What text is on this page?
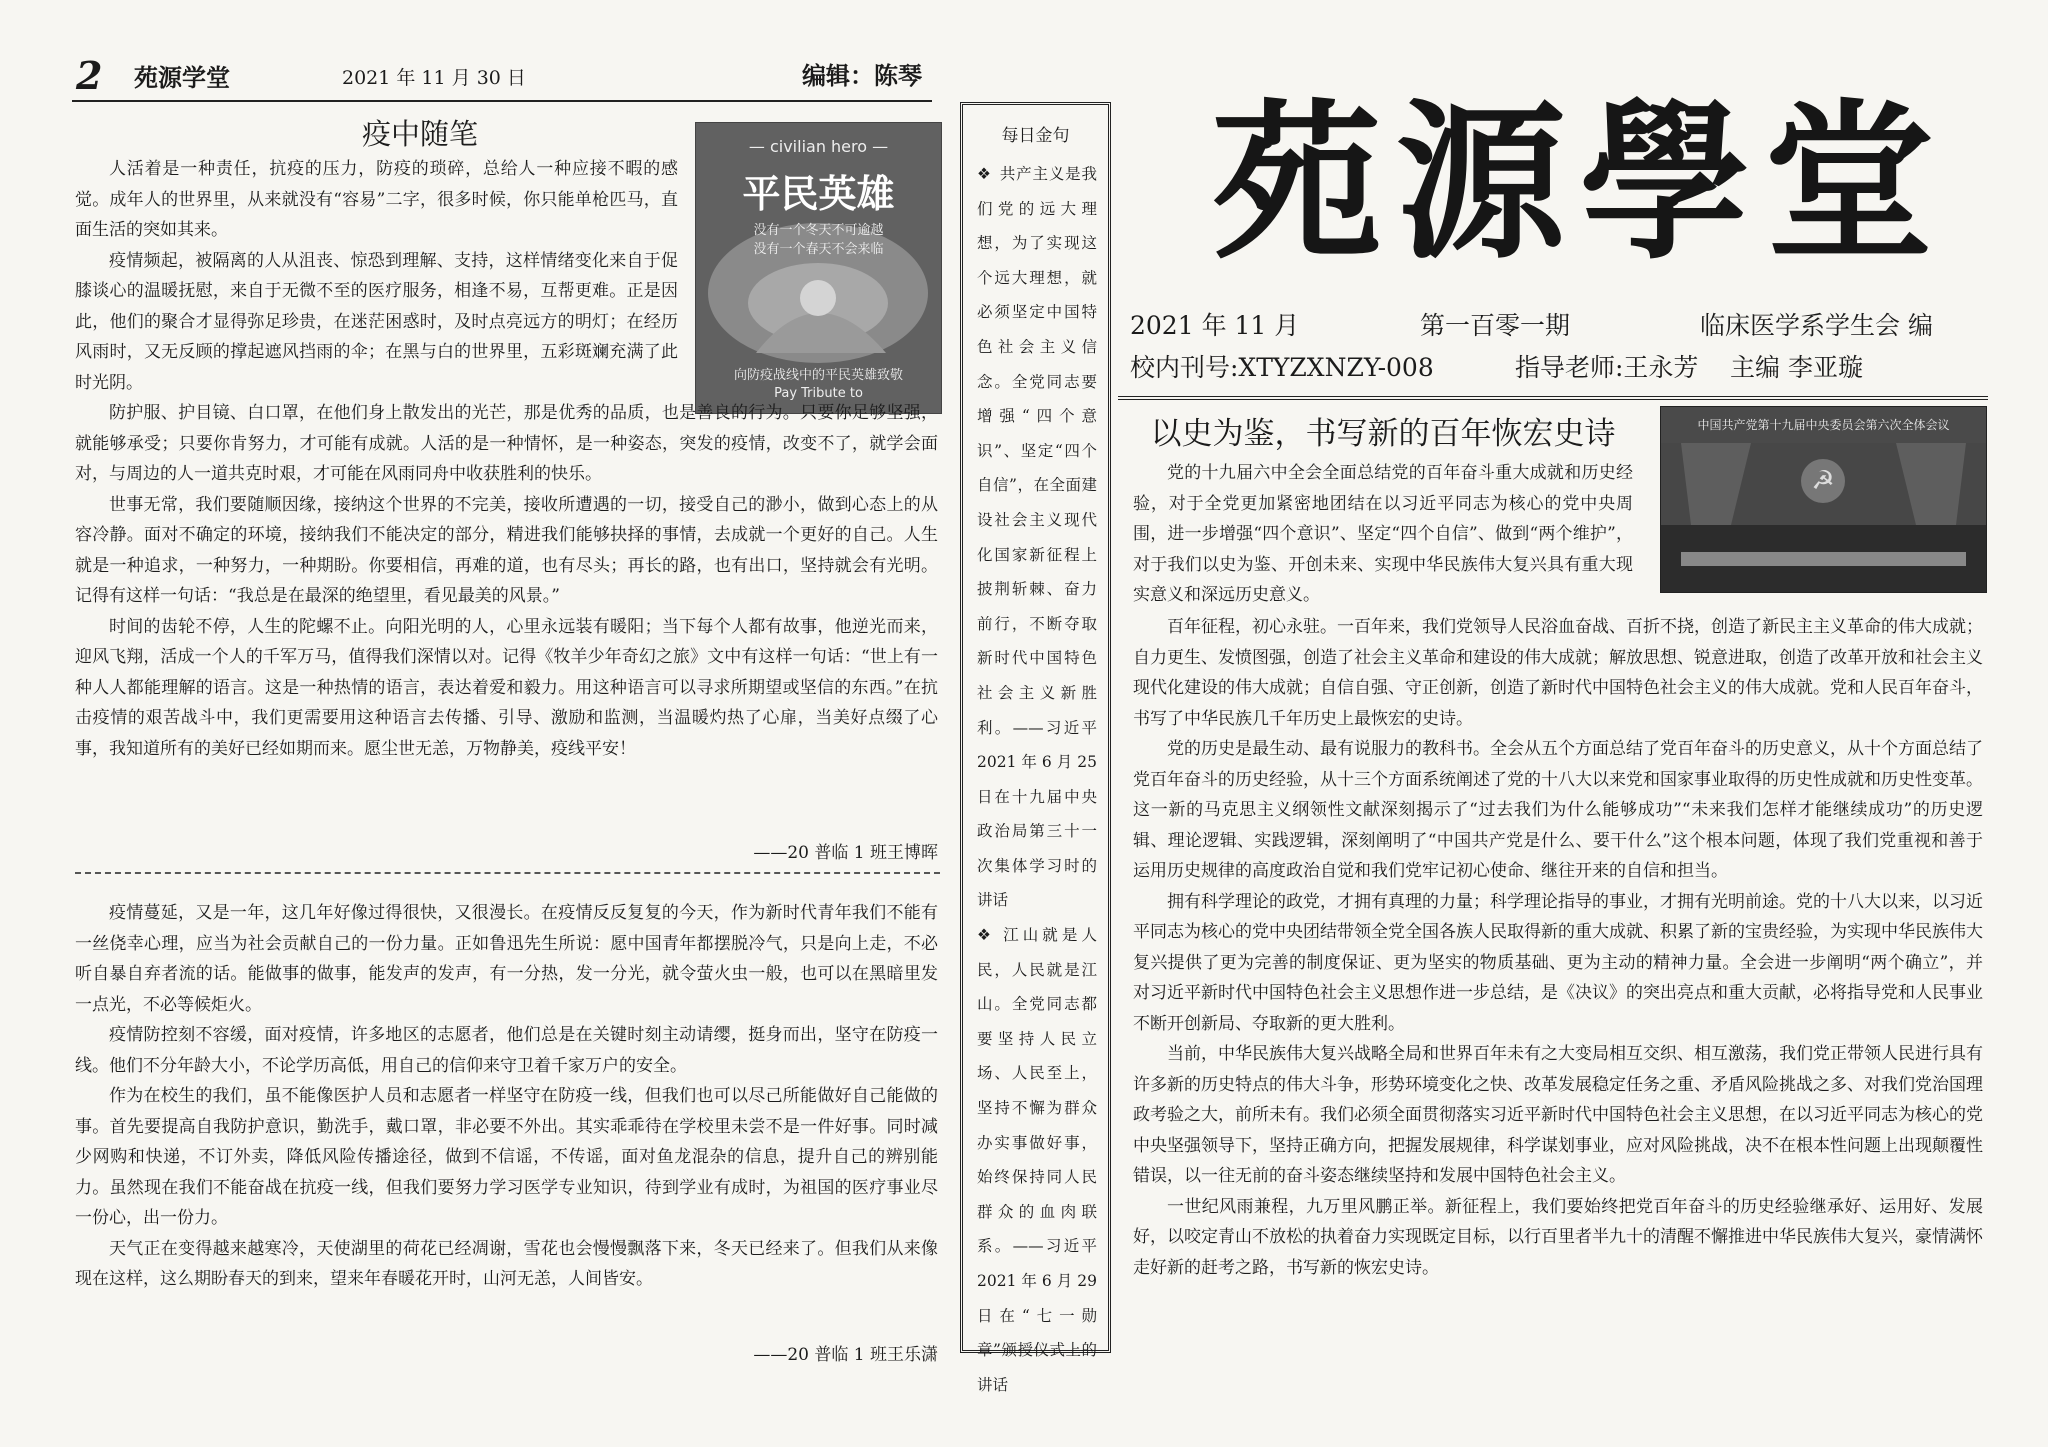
2 苑源学堂	2021 年 11 月 30 日	编辑：陈琴
疫中随笔	— civilian hero —
平民英雄
没有一个冬天不可逾越
没有一个春天不会来临
向防疫战线中的平民英雄致敬
Pay Tribute to

人活着是一种责任，抗疫的压力，防疫的琐碎，总给人一种应接不暇的感觉。成年人的世界里，从来就没有“容易”二字，很多时候，你只能单枪匹马，直面生活的突如其来。

疫情频起，被隔离的人从沮丧、惊恐到理解、支持，这样情绪变化来自于促膝谈心的温暖抚慰，来自于无微不至的医疗服务，相逢不易，互帮更难。正是因此，他们的聚合才显得弥足珍贵，在迷茫困惑时，及时点亮远方的明灯；在经历风雨时，又无反顾的撑起遮风挡雨的伞；在黑与白的世界里，五彩斑斓充满了此时光阴。

防护服、护目镜、白口罩，在他们身上散发出的光芒，那是优秀的品质，也是善良的行为。只要你足够坚强，就能够承受；只要你肯努力，才可能有成就。人活的是一种情怀，是一种姿态，突发的疫情，改变不了，就学会面对，与周边的人一道共克时艰，才可能在风雨同舟中收获胜利的快乐。

世事无常，我们要随顺因缘，接纳这个世界的不完美，接收所遭遇的一切，接受自己的渺小，做到心态上的从容冷静。面对不确定的环境，接纳我们不能决定的部分，精进我们能够抉择的事情，去成就一个更好的自己。人生就是一种追求，一种努力，一种期盼。你要相信，再难的道，也有尽头；再长的路，也有出口，坚持就会有光明。记得有这样一句话：“我总是在最深的绝望里，看见最美的风景。”

时间的齿轮不停，人生的陀螺不止。向阳光明的人，心里永远装有暖阳；当下每个人都有故事，他逆光而来，迎风飞翔，活成一个人的千军万马，值得我们深情以对。记得《牧羊少年奇幻之旅》文中有这样一句话：“世上有一种人人都能理解的语言。这是一种热情的语言，表达着爱和毅力。用这种语言可以寻求所期望或坚信的东西。”在抗击疫情的艰苦战斗中，我们更需要用这种语言去传播、引导、激励和监测，当温暖灼热了心扉，当美好点缀了心事，我知道所有的美好已经如期而来。愿尘世无恙，万物静美，疫线平安！

——20 普临 1 班王博晖

疫情蔓延，又是一年，这几年好像过得很快，又很漫长。在疫情反反复复的今天，作为新时代青年我们不能有一丝侥幸心理，应当为社会贡献自己的一份力量。正如鲁迅先生所说：愿中国青年都摆脱冷气，只是向上走，不必听自暴自弃者流的话。能做事的做事，能发声的发声，有一分热，发一分光，就令萤火虫一般，也可以在黑暗里发一点光，不必等候炬火。

疫情防控刻不容缓，面对疫情，许多地区的志愿者，他们总是在关键时刻主动请缨，挺身而出，坚守在防疫一线。他们不分年龄大小，不论学历高低，用自己的信仰来守卫着千家万户的安全。

作为在校生的我们，虽不能像医护人员和志愿者一样坚守在防疫一线，但我们也可以尽己所能做好自己能做的事。首先要提高自我防护意识，勤洗手，戴口罩，非必要不外出。其实乖乖待在学校里未尝不是一件好事。同时减少网购和快递，不订外卖，降低风险传播途径，做到不信谣，不传谣，面对鱼龙混杂的信息，提升自己的辨别能力。虽然现在我们不能奋战在抗疫一线，但我们要努力学习医学专业知识，待到学业有成时，为祖国的医疗事业尽一份心，出一份力。

天气正在变得越来越寒冷，天使湖里的荷花已经凋谢，雪花也会慢慢飘落下来，冬天已经来了。但我们从来像现在这样，这么期盼春天的到来，望来年春暖花开时，山河无恙，人间皆安。

——20 普临 1 班王乐潇
每日金句
❖ 共产主义是我们党的远大理想，为了实现这个远大理想，就必须坚定中国特色社会主义信念。全党同志要增强“四个意识”、坚定“四个自信”，在全面建设社会主义现代化国家新征程上披荆斩棘、奋力前行，不断夺取新时代中国特色社会主义新胜利。——习近平 2021 年 6 月 25 日在十九届中央政治局第三十一次集体学习时的讲话
❖ 江山就是人民，人民就是江山。全党同志都要坚持人民立场、人民至上，坚持不懈为群众办实事做好事，始终保持同人民群众的血肉联系。——习近平 2021 年 6 月 29 日在“七一勋章”颁授仪式上的讲话
苑源學堂
2021 年 11 月	第一百零一期	临床医学系学生会 编
校内刊号:XTYZXNZY-008	指导老师:王永芳 主编 李亚璇
以史为鉴，书写新的百年恢宏史诗	中国共产党第十九届中央委员会第六次全体会议
☭

党的十九届六中全会全面总结党的百年奋斗重大成就和历史经验，对于全党更加紧密地团结在以习近平同志为核心的党中央周围，进一步增强“四个意识”、坚定“四个自信”、做到“两个维护”，对于我们以史为鉴、开创未来、实现中华民族伟大复兴具有重大现实意义和深远历史意义。

百年征程，初心永驻。一百年来，我们党领导人民浴血奋战、百折不挠，创造了新民主主义革命的伟大成就；自力更生、发愤图强，创造了社会主义革命和建设的伟大成就；解放思想、锐意进取，创造了改革开放和社会主义现代化建设的伟大成就；自信自强、守正创新，创造了新时代中国特色社会主义的伟大成就。党和人民百年奋斗，书写了中华民族几千年历史上最恢宏的史诗。

党的历史是最生动、最有说服力的教科书。全会从五个方面总结了党百年奋斗的历史意义，从十个方面总结了党百年奋斗的历史经验，从十三个方面系统阐述了党的十八大以来党和国家事业取得的历史性成就和历史性变革。这一新的马克思主义纲领性文献深刻揭示了“过去我们为什么能够成功”“未来我们怎样才能继续成功”的历史逻辑、理论逻辑、实践逻辑，深刻阐明了“中国共产党是什么、要干什么”这个根本问题，体现了我们党重视和善于运用历史规律的高度政治自觉和我们党牢记初心使命、继往开来的自信和担当。

拥有科学理论的政党，才拥有真理的力量；科学理论指导的事业，才拥有光明前途。党的十八大以来，以习近平同志为核心的党中央团结带领全党全国各族人民取得新的重大成就、积累了新的宝贵经验，为实现中华民族伟大复兴提供了更为完善的制度保证、更为坚实的物质基础、更为主动的精神力量。全会进一步阐明“两个确立”，并对习近平新时代中国特色社会主义思想作进一步总结，是《决议》的突出亮点和重大贡献，必将指导党和人民事业不断开创新局、夺取新的更大胜利。

当前，中华民族伟大复兴战略全局和世界百年未有之大变局相互交织、相互激荡，我们党正带领人民进行具有许多新的历史特点的伟大斗争，形势环境变化之快、改革发展稳定任务之重、矛盾风险挑战之多、对我们党治国理政考验之大，前所未有。我们必须全面贯彻落实习近平新时代中国特色社会主义思想，在以习近平同志为核心的党中央坚强领导下，坚持正确方向，把握发展规律，科学谋划事业，应对风险挑战，决不在根本性问题上出现颠覆性错误，以一往无前的奋斗姿态继续坚持和发展中国特色社会主义。

一世纪风雨兼程，九万里风鹏正举。新征程上，我们要始终把党百年奋斗的历史经验继承好、运用好、发展好，以咬定青山不放松的执着奋力实现既定目标，以行百里者半九十的清醒不懈推进中华民族伟大复兴，豪情满怀走好新的赶考之路，书写新的恢宏史诗。
